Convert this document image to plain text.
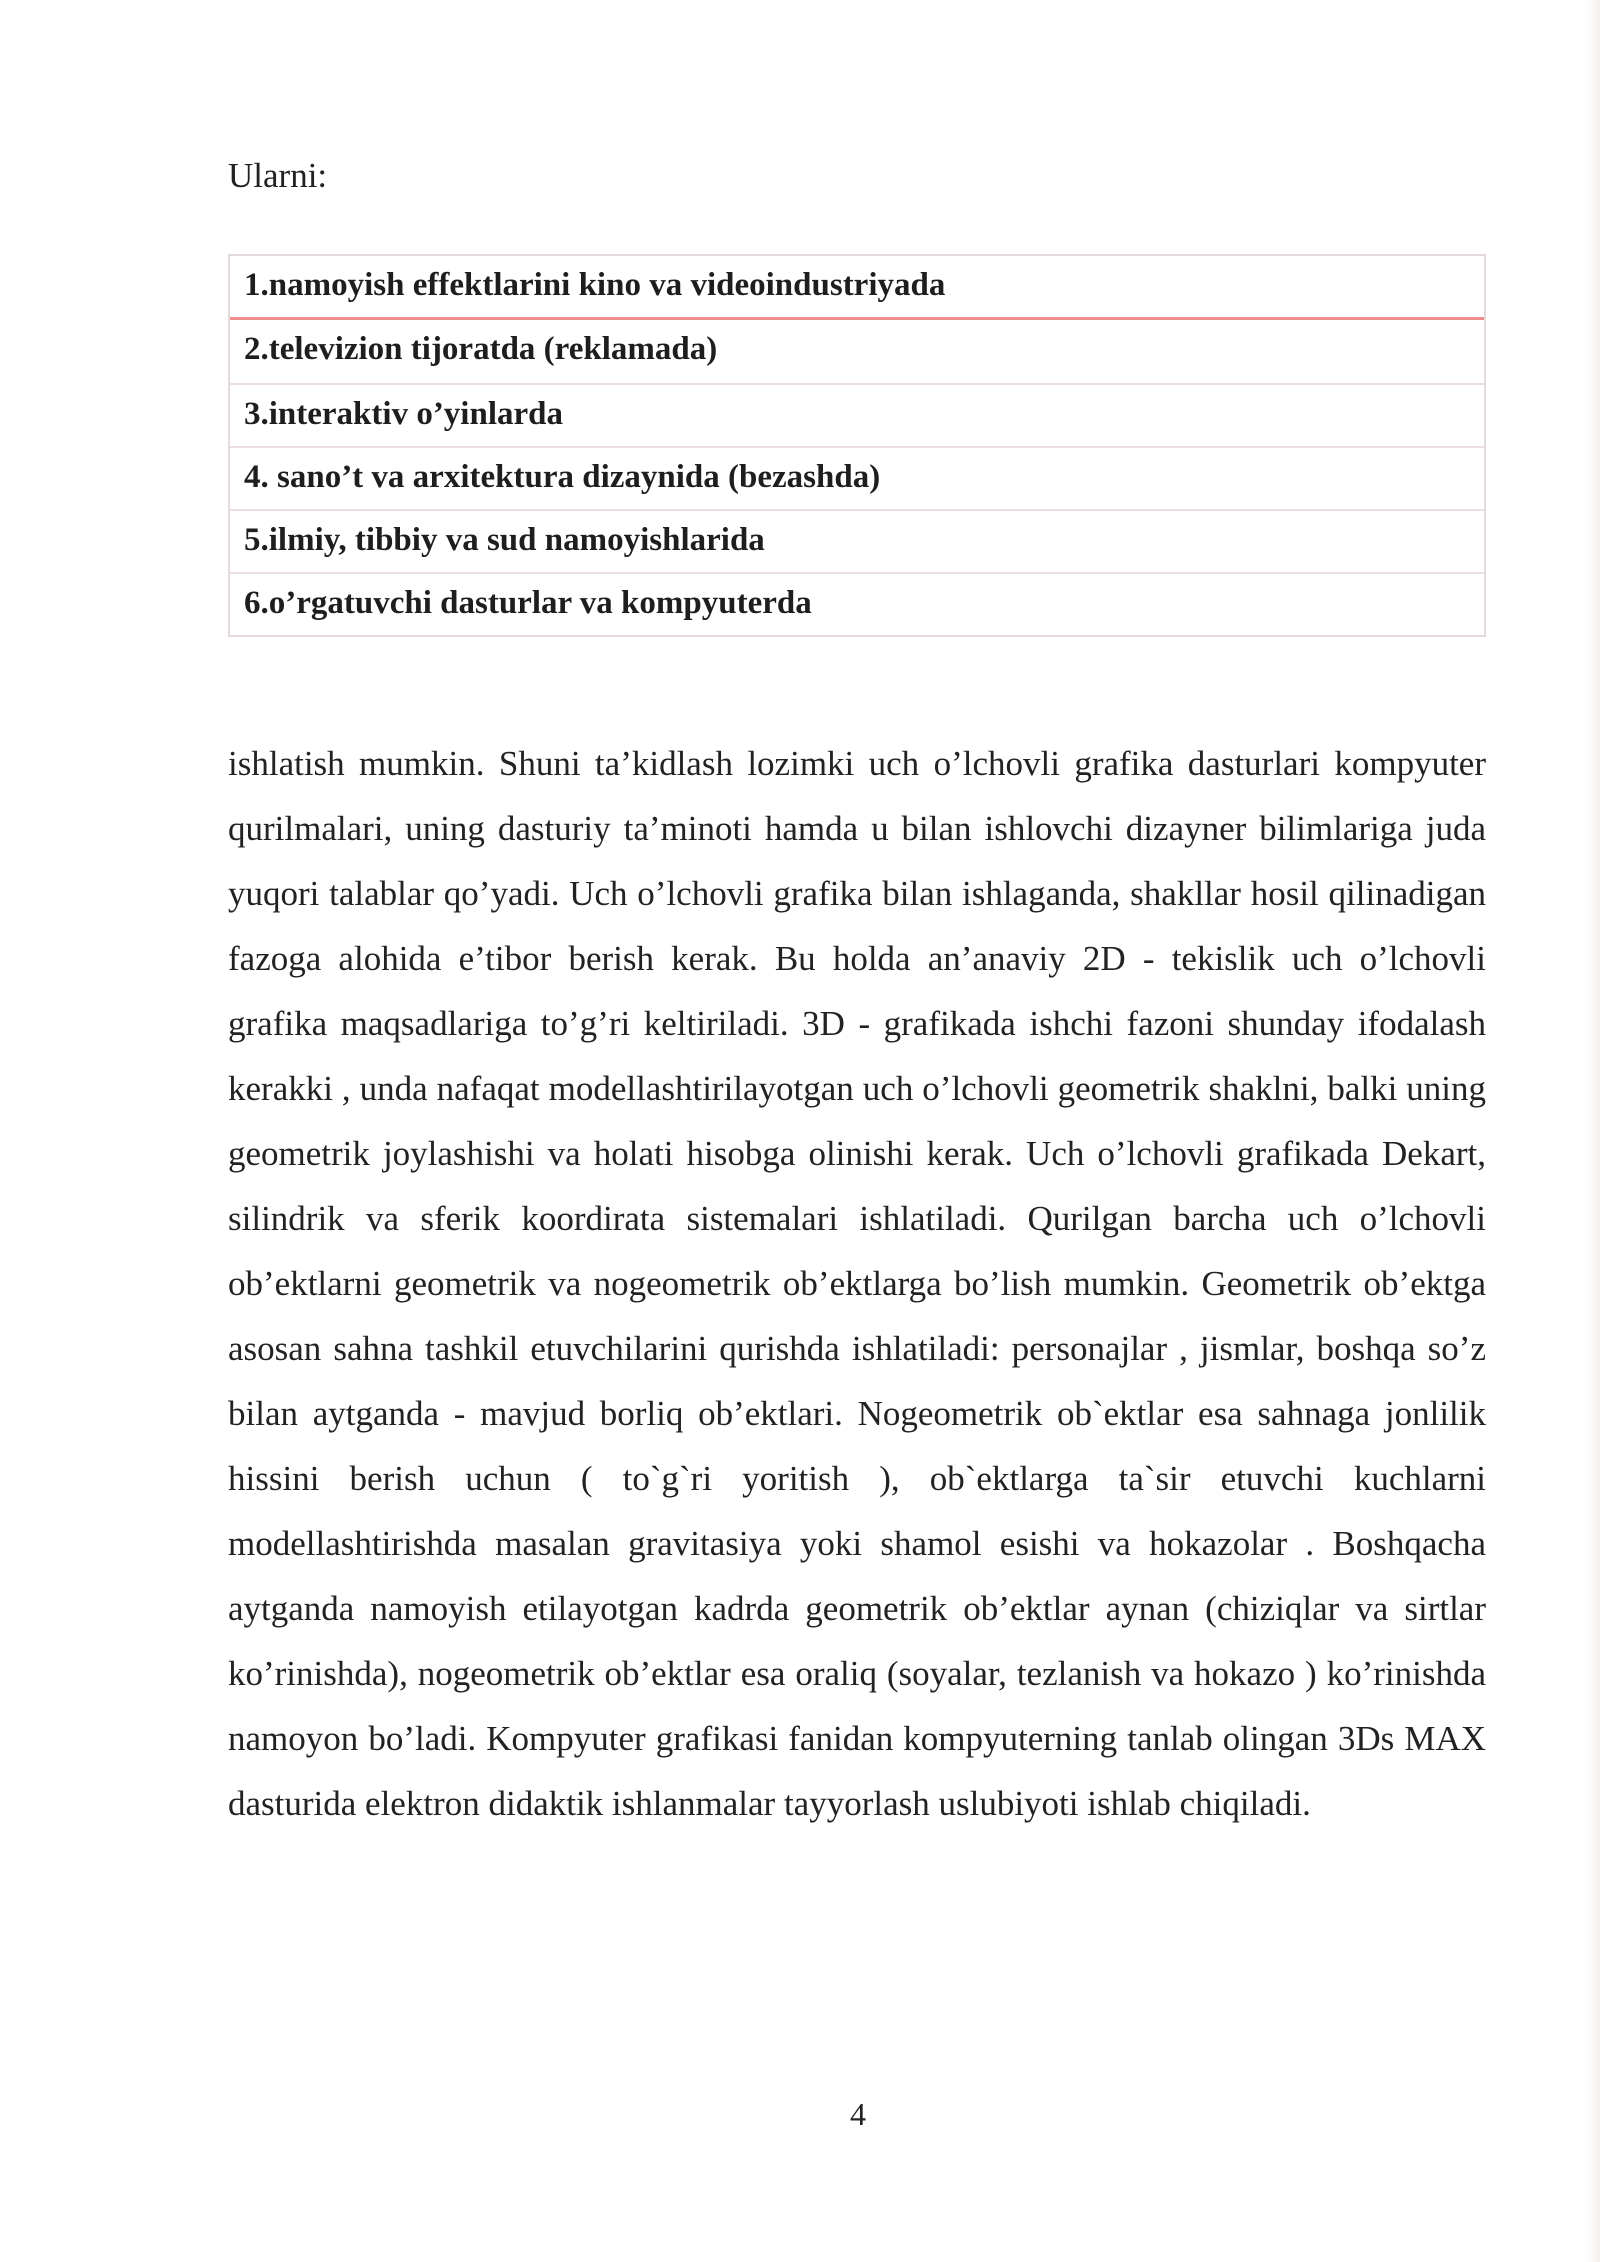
Ularni:

1.namoyish effektlarini kino va videoindustriyada
2.televizion tijoratda (reklamada)
3.interaktiv o’yinlarda
4. sano’t va arxitektura dizaynida (bezashda)
5.ilmiy, tibbiy va sud namoyishlarida
6.o’rgatuvchi dasturlar va kompyuterda

ishlatish mumkin. Shuni ta’kidlash lozimki uch o’lchovli grafika dasturlari kompyuter qurilmalari, uning dasturiy ta’minoti hamda u bilan ishlovchi dizayner bilimlariga juda yuqori talablar qo’yadi. Uch o’lchovli grafika bilan ishlaganda, shakllar hosil qilinadigan fazoga alohida e’tibor berish kerak. Bu holda an’anaviy 2D - tekislik uch o’lchovli grafika maqsadlariga to’g’ri keltiriladi. 3D - grafikada ishchi fazoni shunday ifodalash kerakki , unda nafaqat modellashtirilayotgan uch o’lchovli geometrik shaklni, balki uning geometrik joylashishi va holati hisobga olinishi kerak. Uch o’lchovli grafikada Dekart, silindrik va sferik koordirata sistemalari ishlatiladi. Qurilgan barcha uch o’lchovli ob’ektlarni geometrik va nogeometrik ob’ektlarga bo’lish mumkin. Geometrik ob’ektga asosan sahna tashkil etuvchilarini qurishda ishlatiladi: personajlar , jismlar, boshqa so’z bilan aytganda - mavjud borliq ob’ektlari. Nogeometrik ob`ektlar esa sahnaga jonlilik hissini berish uchun ( to`g`ri yoritish ), ob`ektlarga ta`sir etuvchi kuchlarni modellashtirishda masalan gravitasiya yoki shamol esishi va hokazolar . Boshqacha aytganda namoyish etilayotgan kadrda geometrik ob’ektlar aynan (chiziqlar va sirtlar ko’rinishda), nogeometrik ob’ektlar esa oraliq (soyalar, tezlanish va hokazo ) ko’rinishda namoyon bo’ladi. Kompyuter grafikasi fanidan kompyuterning tanlab olingan 3Ds MAX dasturida elektron didaktik ishlanmalar tayyorlash uslubiyoti ishlab chiqiladi.

4
